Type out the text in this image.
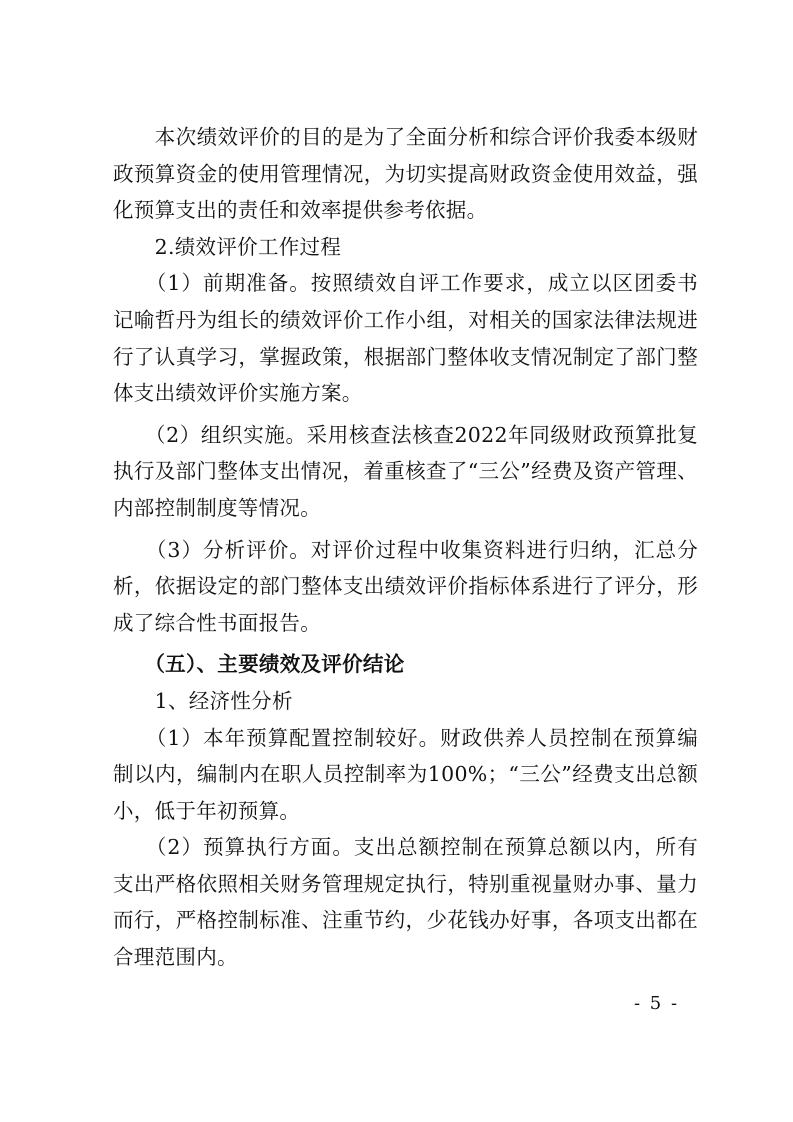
　　本次绩效评价的目的是为了全面分析和综合评价我委本级财政预算资金的使用管理情况，为切实提高财政资金使用效益，强化预算支出的责任和效率提供参考依据。

　　2.绩效评价工作过程

　　（1）前期准备。按照绩效自评工作要求，成立以区团委书记喻哲丹为组长的绩效评价工作小组，对相关的国家法律法规进行了认真学习，掌握政策，根据部门整体收支情况制定了部门整体支出绩效评价实施方案。

　　（2）组织实施。采用核查法核查2022年同级财政预算批复执行及部门整体支出情况，着重核查了“三公”经费及资产管理、内部控制制度等情况。

　　（3）分析评价。对评价过程中收集资料进行归纳，汇总分析，依据设定的部门整体支出绩效评价指标体系进行了评分，形成了综合性书面报告。

　　（五）、主要绩效及评价结论

　　1、经济性分析

　　（1）本年预算配置控制较好。财政供养人员控制在预算编制以内，编制内在职人员控制率为100%；“三公”经费支出总额小，低于年初预算。

　　（2）预算执行方面。支出总额控制在预算总额以内，所有支出严格依照相关财务管理规定执行，特别重视量财办事、量力而行，严格控制标准、注重节约，少花钱办好事，各项支出都在合理范围内。

- 5 -
